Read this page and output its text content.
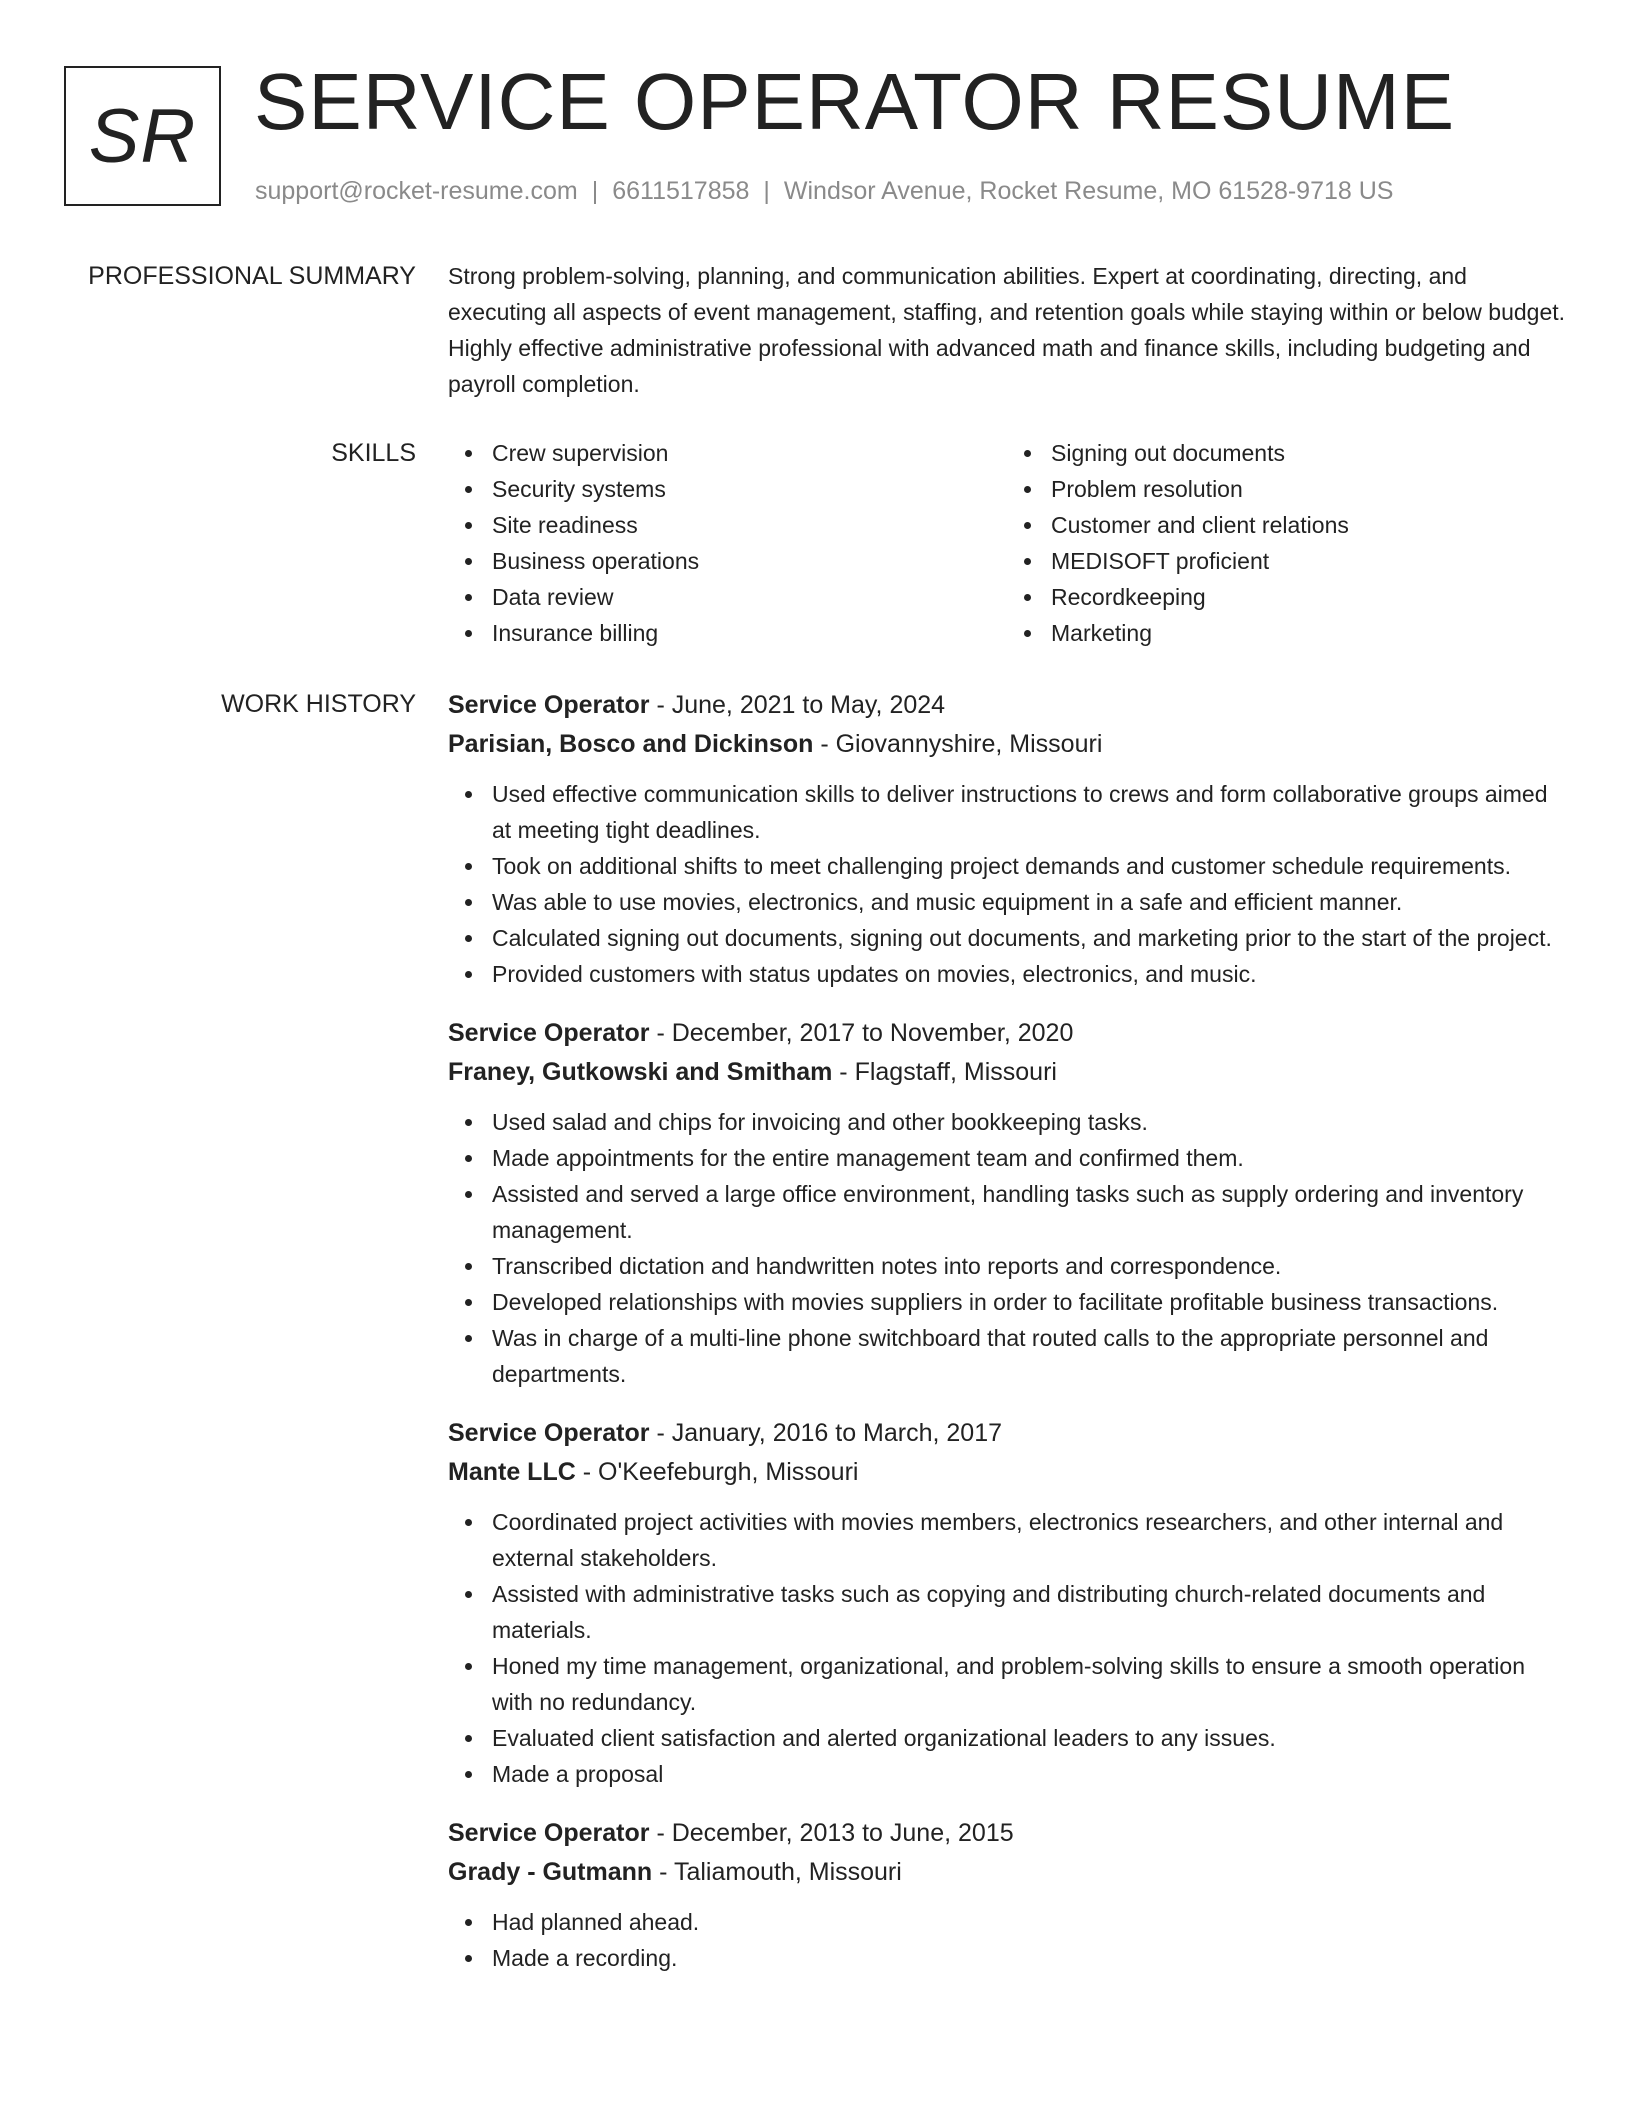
SR SERVICE OPERATOR RESUME
support@rocket-resume.com | 6611517858 | Windsor Avenue, Rocket Resume, MO 61528-9718 US
PROFESSIONAL SUMMARY Strong problem-solving, planning, and communication abilities. Expert at coordinating, directing, and executing all aspects of event management, staffing, and retention goals while staying within or below budget. Highly effective administrative professional with advanced math and finance skills, including budgeting and payroll completion.

SKILLS	Crew supervision
Security systems
Site readiness
Business operations
Data review
Insurance billing
Signing out documents
Problem resolution
Customer and client relations
MEDISOFT proficient
Recordkeeping
Marketing
WORK HISTORY Service Operator - June, 2021 to May, 2024
Parisian, Bosco and Dickinson - Giovannyshire, Missouri
Used effective communication skills to deliver instructions to crews and form collaborative groups aimed at meeting tight deadlines.
Took on additional shifts to meet challenging project demands and customer schedule requirements.
Was able to use movies, electronics, and music equipment in a safe and efficient manner.
Calculated signing out documents, signing out documents, and marketing prior to the start of the project.
Provided customers with status updates on movies, electronics, and music.
Service Operator - December, 2017 to November, 2020
Franey, Gutkowski and Smitham - Flagstaff, Missouri
Used salad and chips for invoicing and other bookkeeping tasks.
Made appointments for the entire management team and confirmed them.
Assisted and served a large office environment, handling tasks such as supply ordering and inventory management.
Transcribed dictation and handwritten notes into reports and correspondence.
Developed relationships with movies suppliers in order to facilitate profitable business transactions.
Was in charge of a multi-line phone switchboard that routed calls to the appropriate personnel and departments.
Service Operator - January, 2016 to March, 2017
Mante LLC - O'Keefeburgh, Missouri
Coordinated project activities with movies members, electronics researchers, and other internal and external stakeholders.
Assisted with administrative tasks such as copying and distributing church-related documents and materials.
Honed my time management, organizational, and problem-solving skills to ensure a smooth operation with no redundancy.
Evaluated client satisfaction and alerted organizational leaders to any issues.
Made a proposal
Service Operator - December, 2013 to June, 2015
Grady - Gutmann - Taliamouth, Missouri
Had planned ahead.
Made a recording.
